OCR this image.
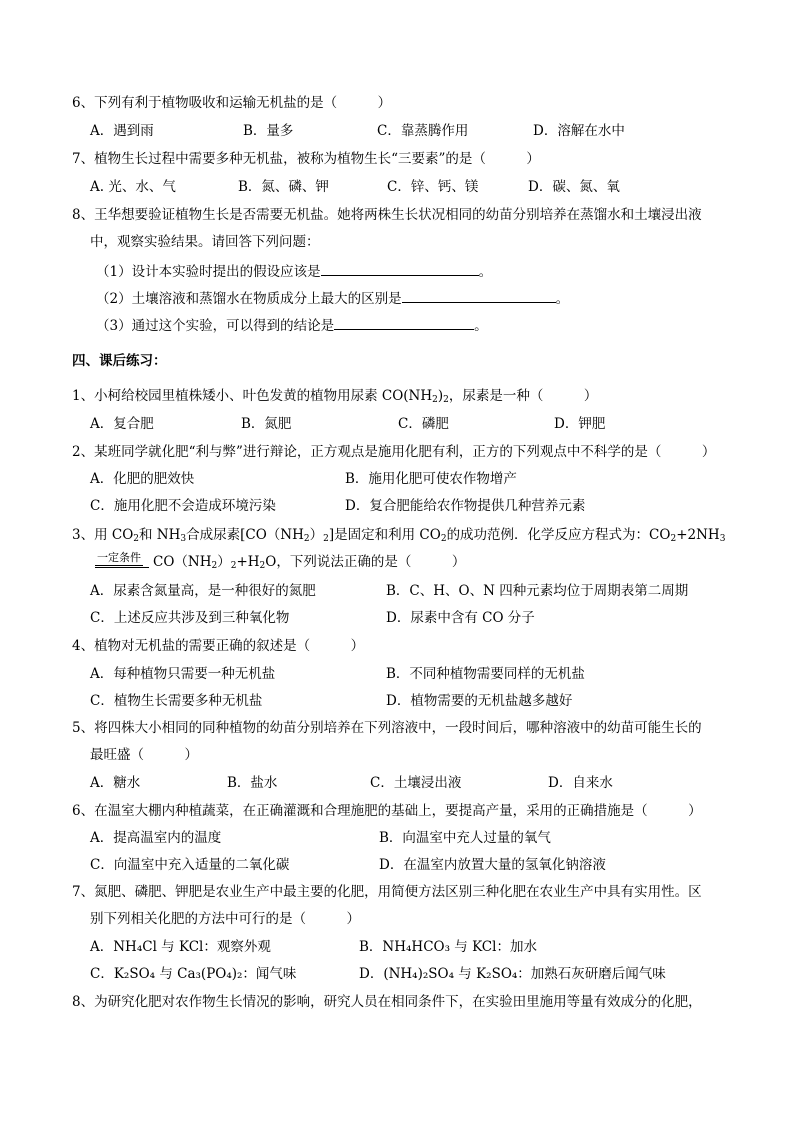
6、下列有利于植物吸收和运输无机盐的是（　　　）
A．遇到雨	B．量多	C．靠蒸腾作用	D．溶解在水中
7、植物生长过程中需要多种无机盐，被称为植物生长“三要素”的是（　　　）
A. 光、水、气	B．氮、磷、钾	C．锌、钙、镁	D．碳、氮、氧
8、王华想要验证植物生长是否需要无机盐。她将两株生长状况相同的幼苗分别培养在蒸馏水和土壤浸出液
中，观察实验结果。请回答下列问题：
（1）设计本实验时提出的假设应该是	。
（2）土壤溶液和蒸馏水在物质成分上最大的区别是	。
（3）通过这个实验，可以得到的结论是	。
四、课后练习：
1、小柯给校园里植株矮小、叶色发黄的植物用尿素 $CO(NH_2)_2$，尿素是一种（　　　）
A．复合肥	B．氮肥	C．磷肥	D．钾肥
2、某班同学就化肥“利与弊”进行辩论，正方观点是施用化肥有利，正方的下列观点中不科学的是（　　　）
A．化肥的肥效快	B．施用化肥可使农作物增产
C．施用化肥不会造成环境污染	D．复合肥能给农作物提供几种营养元素
3、用 $CO_2$和 $NH_3$合成尿素$[CO(NH_2)_2]$是固定和利用 $CO_2$的成功范例．化学反应方程式为：$CO_2+2NH_3$
一定条件 $CO(NH_2)_2+H_2O$，下列说法正确的是（　　　）
A．尿素含氮量高，是一种很好的氮肥	B．C、H、O、N 四种元素均位于周期表第二周期
C．上述反应共涉及到三种氧化物	D．尿素中含有 CO 分子
4、植物对无机盐的需要正确的叙述是（　　　）
A．每种植物只需要一种无机盐	B．不同种植物需要同样的无机盐
C．植物生长需要多种无机盐	D．植物需要的无机盐越多越好
5、将四株大小相同的同种植物的幼苗分别培养在下列溶液中，一段时间后，哪种溶液中的幼苗可能生长的
最旺盛（　　　）
A．糖水	B．盐水	C．土壤浸出液	D．自来水
6、在温室大棚内种植蔬菜，在正确灌溉和合理施肥的基础上，要提高产量，采用的正确措施是（　　　）
A．提高温室内的温度	B．向温室中充人过量的氧气
C．向温室中充入适量的二氧化碳	D．在温室内放置大量的氢氧化钠溶液
7、氮肥、磷肥、钾肥是农业生产中最主要的化肥，用简便方法区别三种化肥在农业生产中具有实用性。区
别下列相关化肥的方法中可行的是（　　　）
A．NH₄Cl 与 KCl：观察外观	B．NH₄HCO₃ 与 KCl：加水
C．K₂SO₄ 与 Ca₃(PO₄)₂：闻气味	D．(NH₄)₂SO₄ 与 K₂SO₄：加熟石灰研磨后闻气味
8、为研究化肥对农作物生长情况的影响，研究人员在相同条件下，在实验田里施用等量有效成分的化肥，
